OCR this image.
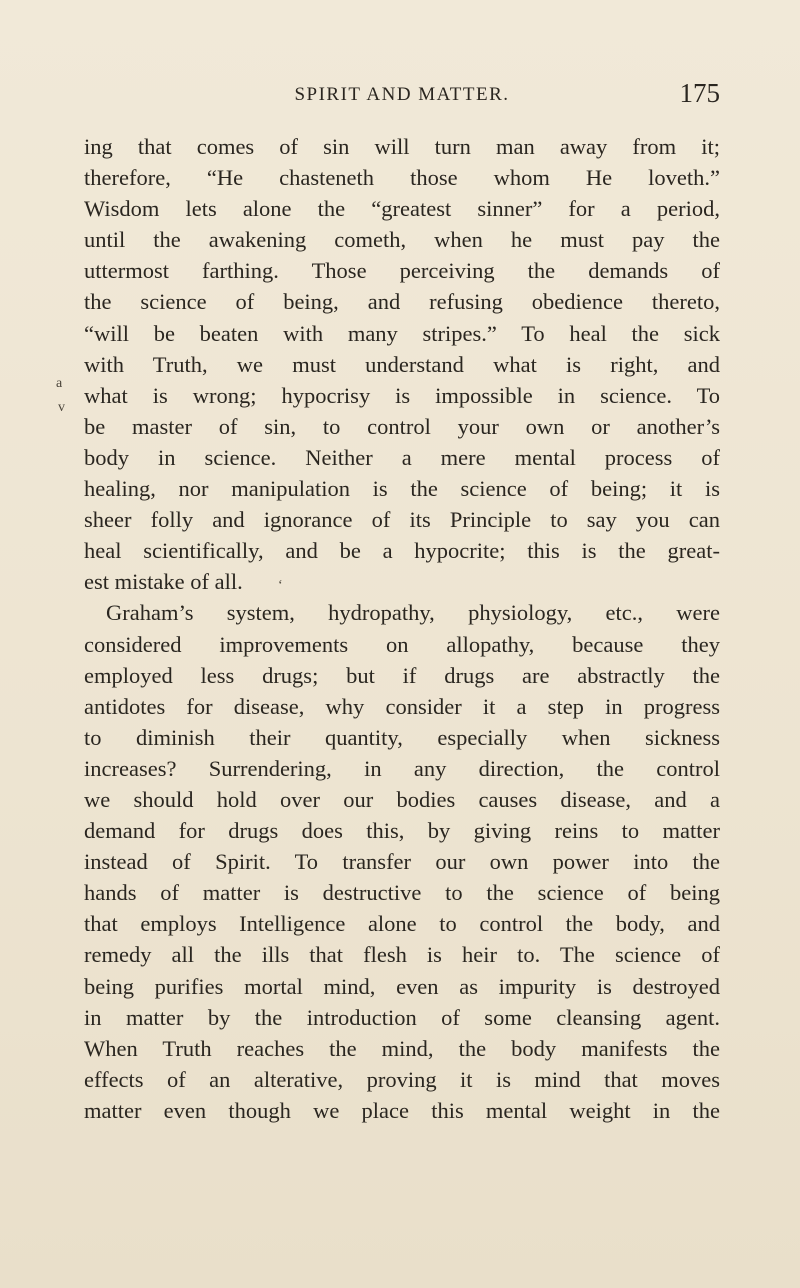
SPIRIT AND MATTER.	175
ing that comes of sin will turn man away from it;
therefore, “He chasteneth those whom He loveth.”
Wisdom lets alone the “greatest sinner” for a period,
until the awakening cometh, when he must pay the
uttermost farthing. Those perceiving the demands of
the science of being, and refusing obedience thereto,
“will be beaten with many stripes.” To heal the sick
with Truth, we must understand what is right, and
what is wrong; hypocrisy is impossible in science. To
be master of sin, to control your own or another’s
body in science. Neither a mere mental process of
healing, nor manipulation is the science of being; it is
sheer folly and ignorance of its Principle to say you can
heal scientifically, and be a hypocrite; this is the great-
est mistake of all.
Graham’s system, hydropathy, physiology, etc., were
considered improvements on allopathy, because they
employed less drugs; but if drugs are abstractly the
antidotes for disease, why consider it a step in progress
to diminish their quantity, especially when sickness
increases? Surrendering, in any direction, the control
we should hold over our bodies causes disease, and a
demand for drugs does this, by giving reins to matter
instead of Spirit. To transfer our own power into the
hands of matter is destructive to the science of being
that employs Intelligence alone to control the body, and
remedy all the ills that flesh is heir to. The science of
being purifies mortal mind, even as impurity is destroyed
in matter by the introduction of some cleansing agent.
When Truth reaches the mind, the body manifests the
effects of an alterative, proving it is mind that moves
matter even though we place this mental weight in the
a
v
‘
